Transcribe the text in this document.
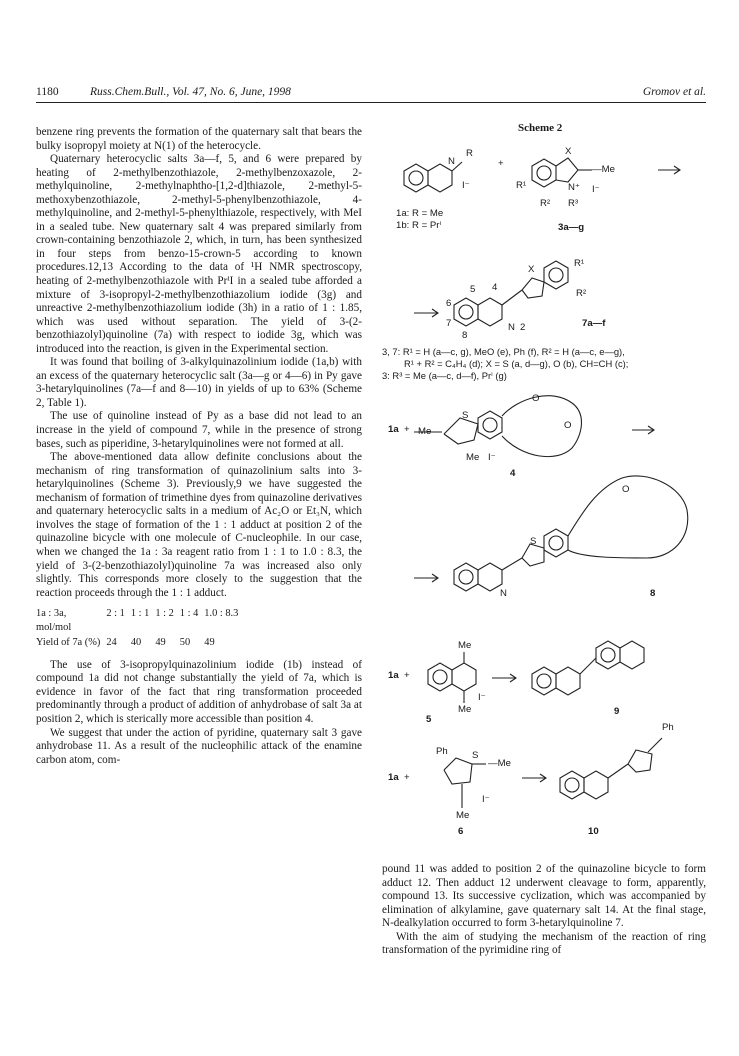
1180	Russ.Chem.Bull., Vol. 47, No. 6, June, 1998	Gromov et al.

benzene ring prevents the formation of the quaternary salt that bears the bulky isopropyl moiety at N(1) of the heterocycle.

Quaternary heterocyclic salts 3a—f, 5, and 6 were prepared by heating of 2-methylbenzothiazole, 2-methylbenzoxazole, 2-methylquinoline, 2-methylnaphtho-[1,2-d]thiazole, 2-methyl-5-methoxybenzothiazole, 2-methyl-5-phenylbenzothiazole, 4-methylquinoline, and 2-methyl-5-phenylthiazole, respectively, with MeI in a sealed tube. New quaternary salt 4 was prepared similarly from crown-containing benzothiazole 2, which, in turn, has been synthesized in four steps from benzo-15-crown-5 according to known procedures.12,13 According to the data of ¹H NMR spectroscopy, heating of 2-methylbenzothiazole with PrⁱI in a sealed tube afforded a mixture of 3-isopropyl-2-methylbenzothiazolium iodide (3g) and unreactive 2-methylbenzothiazolium iodide (3h) in a ratio of 1 : 1.85, which was used without separation. The yield of 3-(2-benzothiazolyl)quinoline (7a) with respect to iodide 3g, which was introduced into the reaction, is given in the Experimental section.

It was found that boiling of 3-alkylquinazolinium iodide (1a,b) with an excess of the quaternary heterocyclic salt (3a—g or 4—6) in Py gave 3-hetarylquinolines (7a—f and 8—10) in yields of up to 63% (Scheme 2, Table 1).

The use of quinoline instead of Py as a base did not lead to an increase in the yield of compound 7, while in the presence of strong bases, such as piperidine, 3-hetarylquinolines were not formed at all.

The above-mentioned data allow definite conclusions about the mechanism of ring transformation of quinazolinium salts into 3-hetarylquinolines (Scheme 3). Previously,9 we have suggested the mechanism of formation of trimethine dyes from quinazoline derivatives and quaternary heterocyclic salts in a medium of Ac₂O or Et₃N, which involves the stage of formation of the 1 : 1 adduct at position 2 of the quinazoline bicycle with one molecule of C-nucleophile. In our case, when we changed the 1a : 3a reagent ratio from 1 : 1 to 1.0 : 8.3, the yield of 3-(2-benzothiazolyl)quinoline 7a was increased also only slightly. This corresponds more closely to the suggestion that the reaction proceeds through the 1 : 1 adduct.

1a : 3a,
mol/mol	2 : 1	1 : 1	1 : 2	1 : 4	1.0 : 8.3
Yield of 7a (%)	24	40	49	50	49

The use of 3-isopropylquinazolinium iodide (1b) instead of compound 1a did not change substantially the yield of 7a, which is evidence in favor of the fact that ring transformation proceeded predominantly through a product of addition of anhydrobase of salt 3a at position 2, which is sterically more accessible than position 4.

We suggest that under the action of pyridine, quaternary salt 3 gave anhydrobase 11. As a result of the nucleophilic attack of the enamine carbon atom, com-

Scheme 2
R
N
I⁻
+
X
—Me
R¹	N⁺ I⁻
R² R³
1a: R = Me
1b: R = Prⁱ	3a—g
5 4
6
7
8
N 2
X
R¹
R²
7a—f
3, 7: R¹ = H (a—c, g), MeO (e), Ph (f), R² = H (a—c, e—g),
R¹ + R² = C₄H₄ (d); X = S (a, d—g), O (b), CH=CH (c);
3: R³ = Me (a—c, d—f), Prⁱ (g)
1a + Me
S
O
O
Me I⁻
4
S
O
N	8
1a +
Me
Me
I⁻
5
9
1a +
Ph	S
—Me
Me
I⁻
6
Ph
10

pound 11 was added to position 2 of the quinazoline bicycle to form adduct 12. Then adduct 12 underwent cleavage to form, apparently, compound 13. Its successive cyclization, which was accompanied by elimination of alkylamine, gave quaternary salt 14. At the final stage, N-dealkylation occurred to form 3-hetarylquinoline 7.

With the aim of studying the mechanism of the reaction of ring transformation of the pyrimidine ring of
